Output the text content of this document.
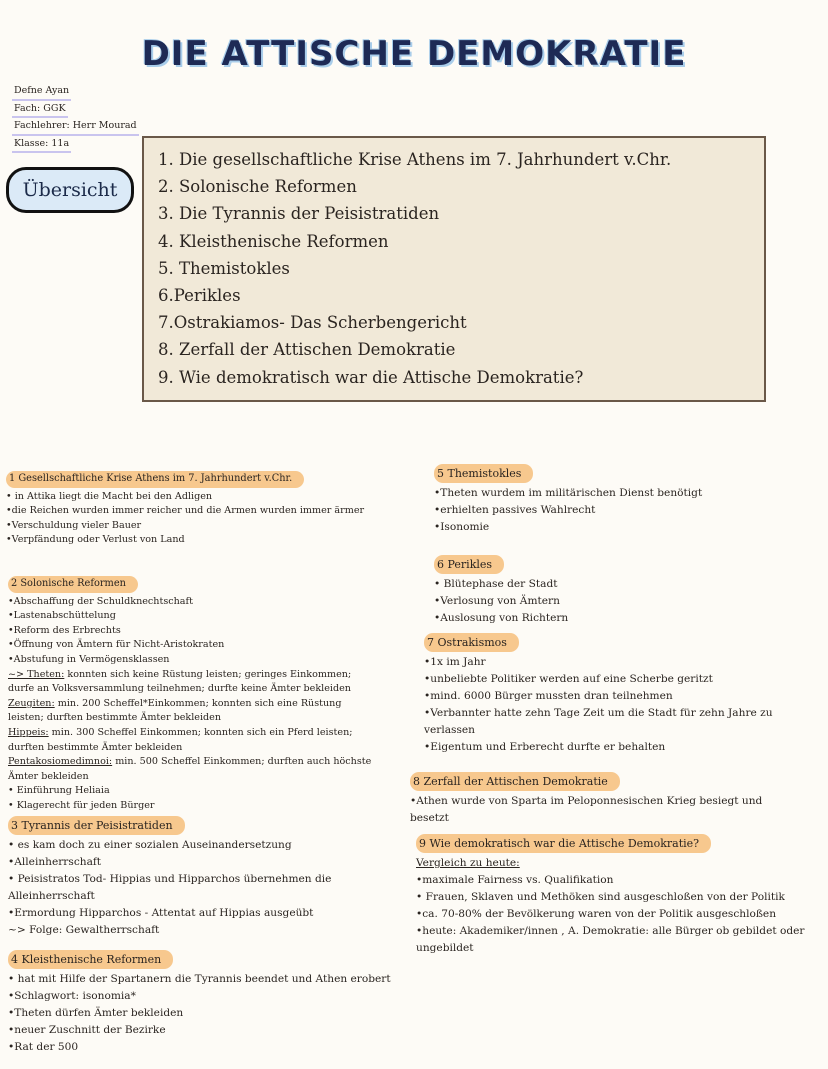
DIE ATTISCHE DEMOKRATIE
Defne Ayan
Fach: GGK
Fachlehrer: Herr Mourad
Klasse: 11a
Übersicht
1. Die gesellschaftliche Krise Athens im 7. Jahrhundert v.Chr.
2. Solonische Reformen
3. Die Tyrannis der Peisistratiden
4. Kleisthenische Reformen
5. Themistokles
6.Perikles
7.Ostrakiamos- Das Scherbengericht
8. Zerfall der Attischen Demokratie
9. Wie demokratisch war die Attische Demokratie?
1 Gesellschaftliche Krise Athens im 7. Jahrhundert v.Chr.
• in Attika liegt die Macht bei den Adligen
•die Reichen wurden immer reicher und die Armen wurden immer ärmer
•Verschuldung vieler Bauer
•Verpfändung oder Verlust von Land
2 Solonische Reformen
•Abschaffung der Schuldknechtschaft
•Lastenabschüttelung
•Reform des Erbrechts
•Öffnung von Ämtern für Nicht-Aristokraten
•Abstufung in Vermögensklassen
~> Theten: konnten sich keine Rüstung leisten; geringes Einkommen; durfe an Volksversammlung teilnehmen; durfte keine Ämter bekleiden
Zeugiten: min. 200 Scheffel*Einkommen; konnten sich eine Rüstung leisten; durften bestimmte Ämter bekleiden
Hippeis: min. 300 Scheffel Einkommen; konnten sich ein Pferd leisten; durften bestimmte Ämter bekleiden
Pentakosiomedimnoi: min. 500 Scheffel Einkommen; durften auch höchste Ämter bekleiden
• Einführung Heliaia
• Klagerecht für jeden Bürger
3 Tyrannis der Peisistratiden
• es kam doch zu einer sozialen Auseinandersetzung
•Alleinherrschaft
• Peisistratos Tod- Hippias und Hipparchos übernehmen die Alleinherrschaft
•Ermordung Hipparchos - Attentat auf Hippias ausgeübt
~> Folge: Gewaltherrschaft
4 Kleisthenische Reformen
• hat mit Hilfe der Spartanern die Tyrannis beendet und Athen erobert
•Schlagwort: isonomia*
•Theten dürfen Ämter bekleiden
•neuer Zuschnitt der Bezirke
•Rat der 500
5 Themistokles
•Theten wurdem im militärischen Dienst benötigt
•erhielten passives Wahlrecht
•Isonomie
6 Perikles
• Blütephase der Stadt
•Verlosung von Ämtern
•Auslosung von Richtern
7 Ostrakismos
•1x im Jahr
•unbeliebte Politiker werden auf eine Scherbe geritzt
•mind. 6000 Bürger mussten dran teilnehmen
•Verbannter hatte zehn Tage Zeit um die Stadt für zehn Jahre zu verlassen
•Eigentum und Erberecht durfte er behalten
8 Zerfall der Attischen Demokratie
•Athen wurde von Sparta im Peloponnesischen Krieg besiegt und besetzt
9 Wie demokratisch war die Attische Demokratie?
Vergleich zu heute:
•maximale Fairness vs. Qualifikation
• Frauen, Sklaven und Methöken sind ausgeschloßen von der Politik
•ca. 70-80% der Bevölkerung waren von der Politik ausgeschloßen
•heute: Akademiker/innen , A. Demokratie: alle Bürger ob gebildet oder ungebildet
